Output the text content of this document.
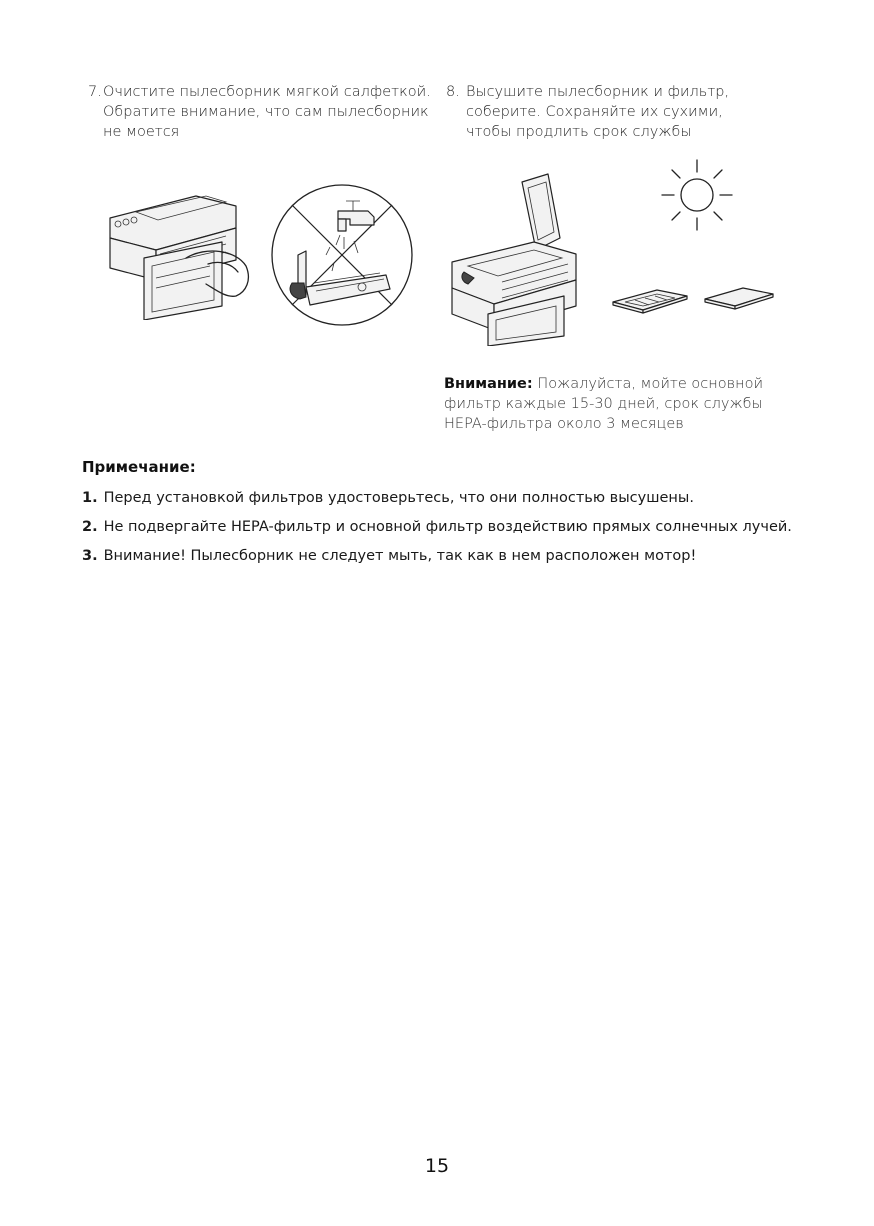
7. Очистите пылесборник мягкой салфеткой.
Обратите внимание, что сам пылесборник
не моется
8. Высушите пылесборник и фильтр,
соберите. Сохраняйте их сухими,
чтобы продлить срок службы
Внимание: Пожалуйста, мойте основной
фильтр каждые 15-30 дней, срок службы
HEPA-фильтра около 3 месяцев
Примечание:
1. Перед установкой фильтров удостоверьтесь, что они полностью высушены.
2. Не подвергайте HEPA-фильтр и основной фильтр воздействию прямых солнечных лучей.
3. Внимание! Пылесборник не следует мыть, так как в нем расположен мотор!
15
